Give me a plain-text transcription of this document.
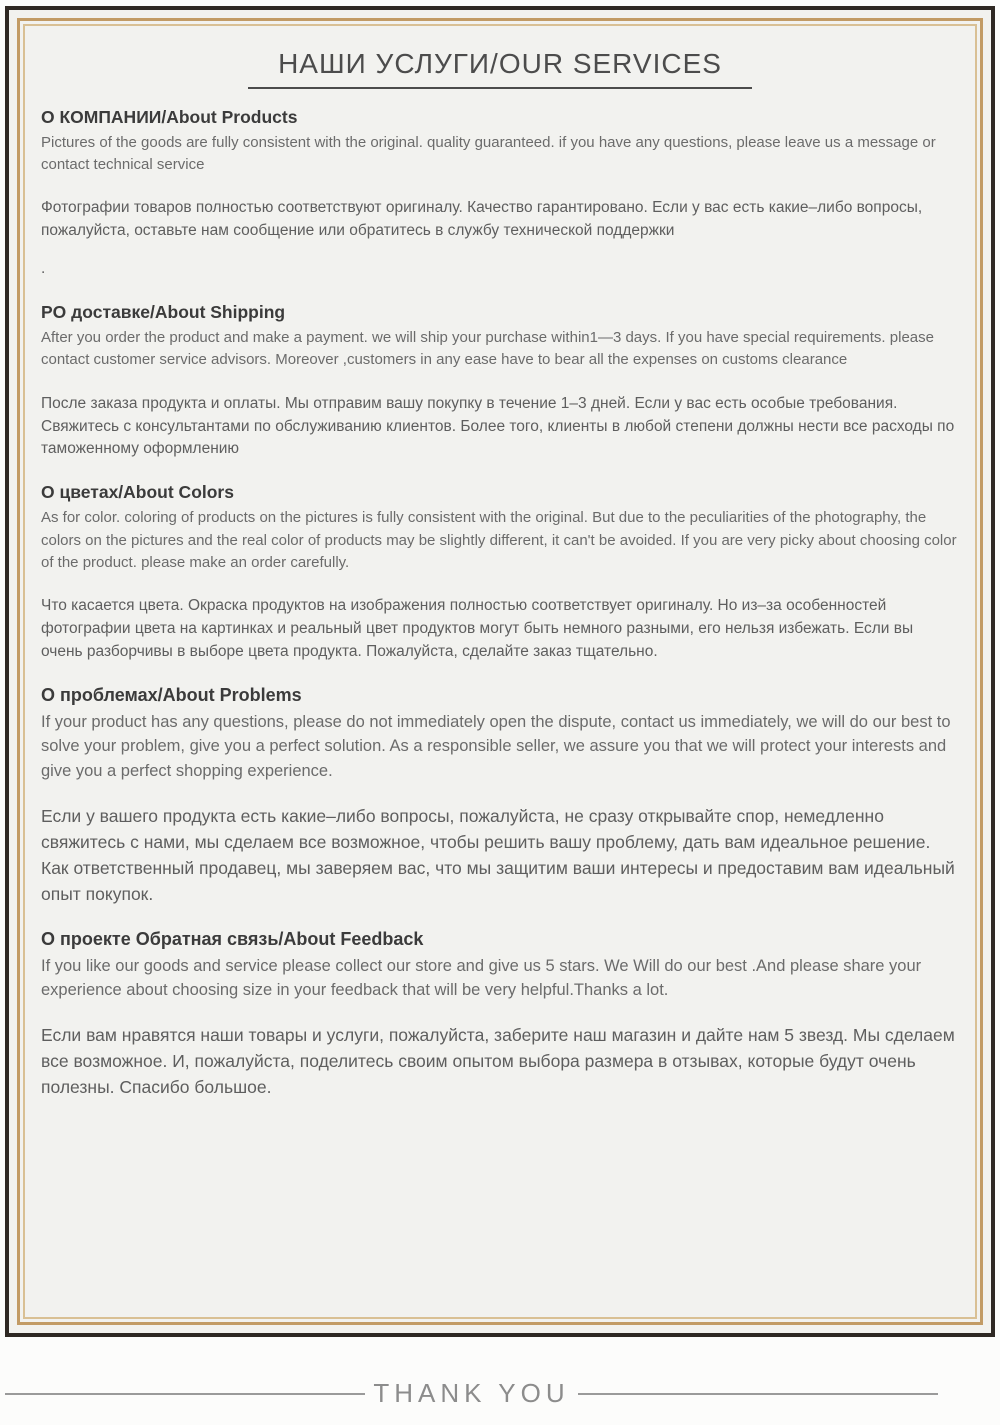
НАШИ УСЛУГИ/OUR SERVICES
О КОМПАНИИ/About Products

Pictures of the goods are fully consistent with the original. quality guaranteed. if you have any questions, please leave us a message or contact technical service

Фотографии товаров полностью соответствуют оригиналу. Качество гарантировано. Если у вас есть какие–либо вопросы, пожалуйста, оставьте нам сообщение или обратитесь в службу технической поддержки

.

PO доставке/About Shipping

After you order the product and make a payment. we will ship your purchase within1—3 days. If you have special requirements. please contact customer service advisors. Moreover ,customers in any ease have to bear all the expenses on customs clearance

После заказа продукта и оплаты. Мы отправим вашу покупку в течение 1–3 дней. Если у вас есть особые требования. Свяжитесь с консультантами по обслуживанию клиентов. Более того, клиенты в любой степени должны нести все расходы по таможенному оформлению

О цветах/About Colors

As for color. coloring of products on the pictures is fully consistent with the original. But due to the peculiarities of the photography, the colors on the pictures and the real color of products may be slightly different, it can't be avoided. If you are very picky about choosing color of the product. please make an order carefully.

Что касается цвета. Окраска продуктов на изображения полностью соответствует оригиналу. Но из–за особенностей фотографии цвета на картинках и реальный цвет продуктов могут быть немного разными, его нельзя избежать. Если вы очень разборчивы в выборе цвета продукта. Пожалуйста, сделайте заказ тщательно.

О проблемах/About Problems

If your product has any questions, please do not immediately open the dispute, contact us immediately, we will do our best to solve your problem, give you a perfect solution. As a responsible seller, we assure you that we will protect your interests and give you a perfect shopping experience.

Если у вашего продукта есть какие–либо вопросы, пожалуйста, не сразу открывайте спор, немедленно свяжитесь с нами, мы сделаем все возможное, чтобы решить вашу проблему, дать вам идеальное решение. Как ответственный продавец, мы заверяем вас, что мы защитим ваши интересы и предоставим вам идеальный опыт покупок.

О проекте Обратная связь/About Feedback

If you like our goods and service please collect our store and give us 5 stars. We Will do our best .And please share your experience about choosing size in your feedback that will be very helpful.Thanks a lot.

Если вам нравятся наши товары и услуги, пожалуйста, заберите наш магазин и дайте нам 5 звезд. Мы сделаем все возможное. И, пожалуйста, поделитесь своим опытом выбора размера в отзывах, которые будут очень полезны. Спасибо большое.

THANK YOU
